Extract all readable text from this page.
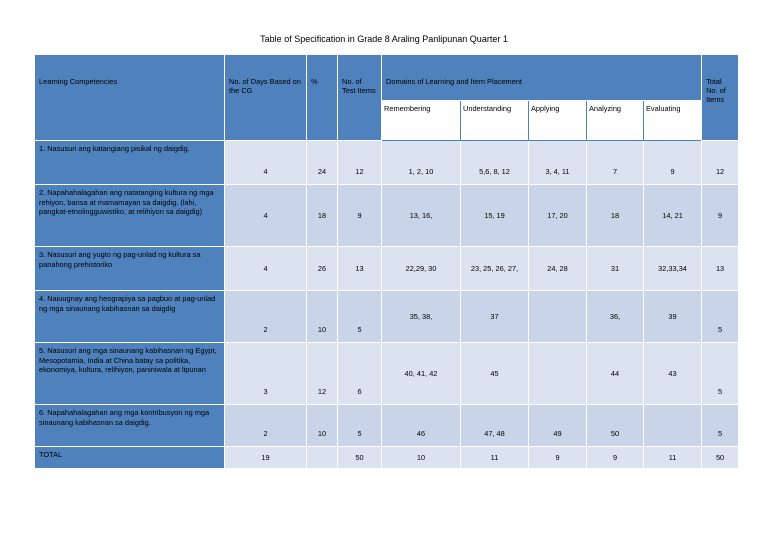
Table of Specification in Grade 8 Araling Panlipunan Quarter 1
Learning Competencies	No. of Days Based on the CG	%	No. of Test Items	Domains of Learning and Item Placement					Total No. of Items
				Remembering	Understanding	Applying	Analyzing	Evaluating	
1. Nasusuri ang katangiang pisikal ng daigdig.	4	24	12	1, 2, 10	5,6, 8, 12	3, 4, 11	7	9	12
2. Napahahalagahan ang natatanging kultura ng mga rehiyon, bansa at mamamayan sa daigdig. (lahi, pangkat-etnolingguwistiko, at relihiyon sa daigdig)	4	18	9	13, 16,	15, 19	17, 20	18	14, 21	9
3. Nasusuri ang yugto ng pag-unlad ng kultura sa panahong prehistoriko	4	26	13	22,29, 30	23, 25, 26, 27,	24, 28	31	32,33,34	13
4. Naiuugnay ang heograpiya sa pagbuo at pag-unlad ng mga sinaunang kabihasnan sa daigdig	2	10	5	35, 38,	37		36,	39	5
5. Nasusuri ang mga sinaunang kabihasnan ng Egypt, Mesopotamia, India at China batay sa politika, ekonomiya, kultura, relihiyon, paniniwala at lipunan	3	12	6	40, 41, 42	45		44	43	5
6. Napahahalagahan ang mga kontribusyon ng mga sinaunang kabihasnan sa daigdig.	2	10	5	46	47, 48	49	50		5
TOTAL	19		50	10	11	9	9	11	50
